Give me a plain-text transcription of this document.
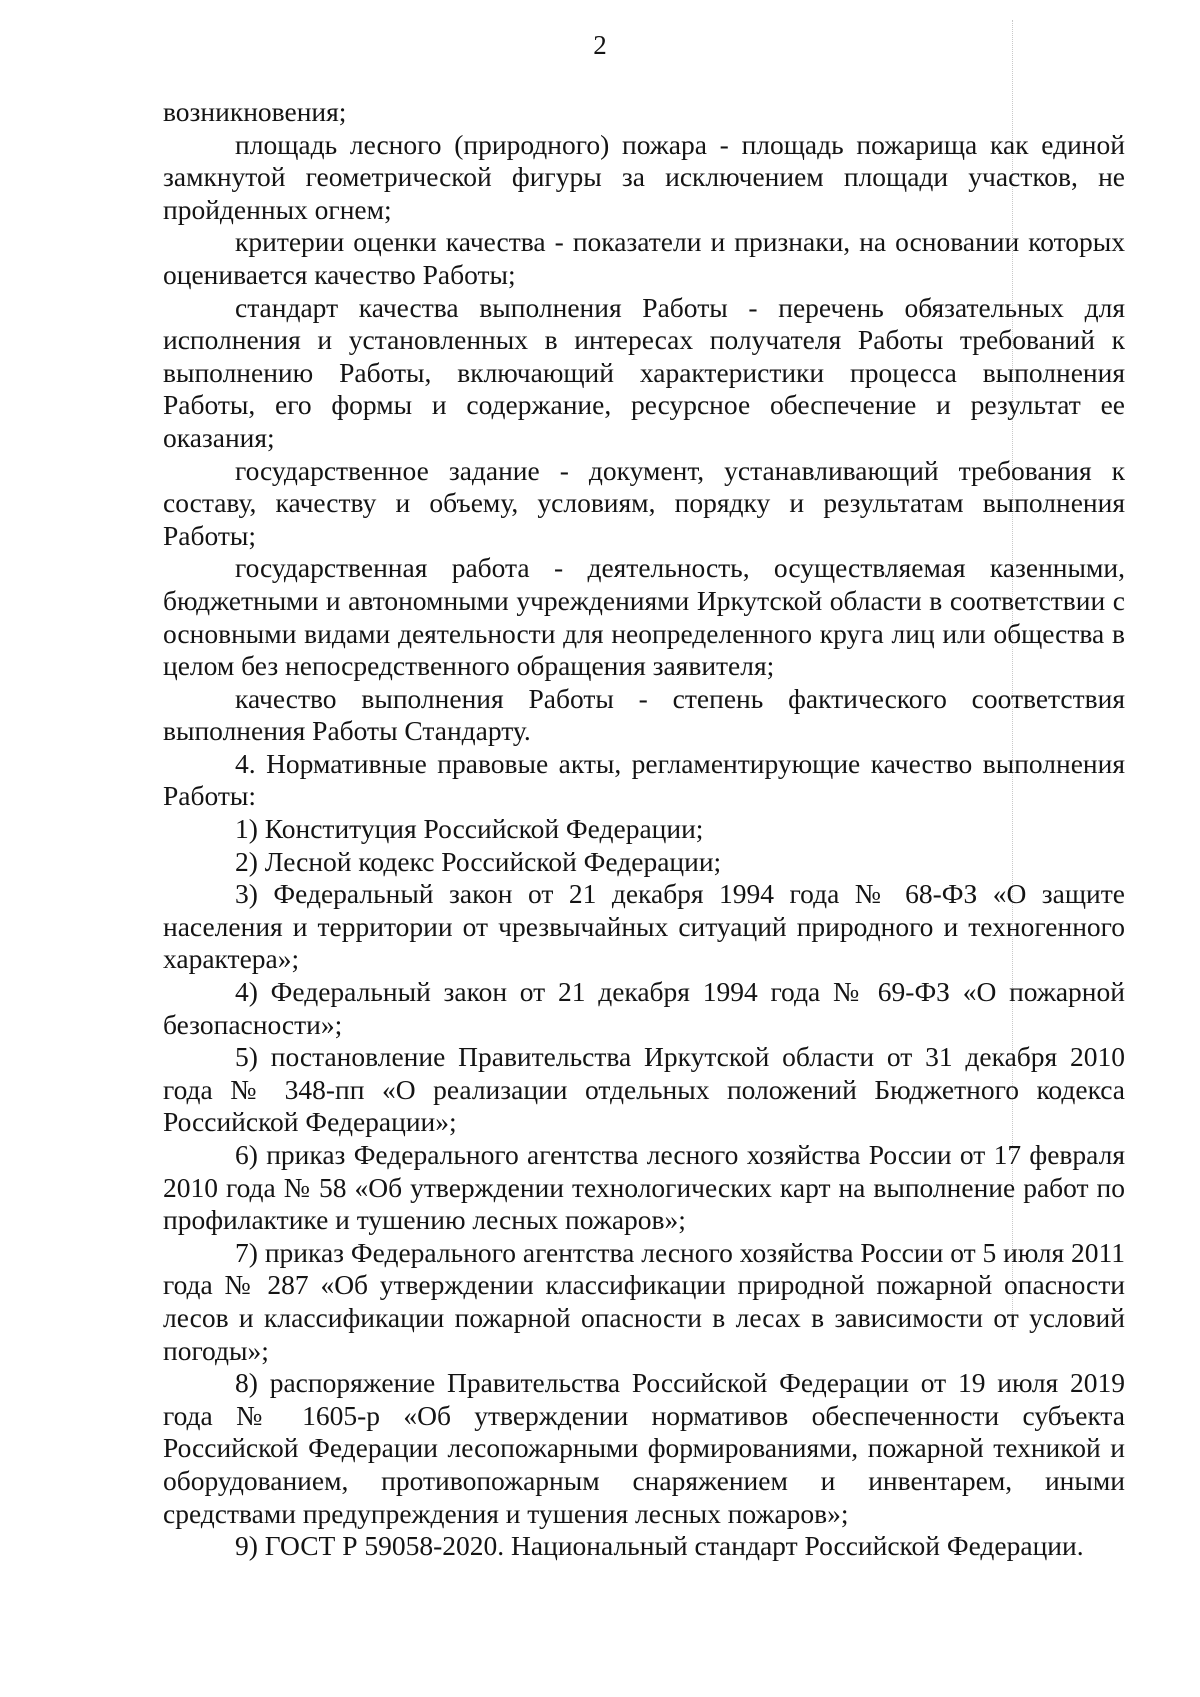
2

возникновения;

площадь лесного (природного) пожара - площадь пожарища как единой замкнутой геометрической фигуры за исключением площади участков, не пройденных огнем;

критерии оценки качества - показатели и признаки, на основании которых оценивается качество Работы;

стандарт качества выполнения Работы - перечень обязательных для исполнения и установленных в интересах получателя Работы требований к выполнению Работы, включающий характеристики процесса выполнения Работы, его формы и содержание, ресурсное обеспечение и результат ее оказания;

государственное задание - документ, устанавливающий требования к составу, качеству и объему, условиям, порядку и результатам выполнения Работы;

государственная работа - деятельность, осуществляемая казенными, бюджетными и автономными учреждениями Иркутской области в соответствии с основными видами деятельности для неопределенного круга лиц или общества в целом без непосредственного обращения заявителя;

качество выполнения Работы - степень фактического соответствия выполнения Работы Стандарту.

4. Нормативные правовые акты, регламентирующие качество выполнения Работы:

1) Конституция Российской Федерации;

2) Лесной кодекс Российской Федерации;

3) Федеральный закон от 21 декабря 1994 года № 68-ФЗ «О защите населения и территории от чрезвычайных ситуаций природного и техногенного характера»;

4) Федеральный закон от 21 декабря 1994 года № 69-ФЗ «О пожарной безопасности»;

5) постановление Правительства Иркутской области от 31 декабря 2010 года № 348-пп «О реализации отдельных положений Бюджетного кодекса Российской Федерации»;

6) приказ Федерального агентства лесного хозяйства России от 17 февраля 2010 года № 58 «Об утверждении технологических карт на выполнение работ по профилактике и тушению лесных пожаров»;

7) приказ Федерального агентства лесного хозяйства России от 5 июля 2011 года № 287 «Об утверждении классификации природной пожарной опасности лесов и классификации пожарной опасности в лесах в зависимости от условий погоды»;

8) распоряжение Правительства Российской Федерации от 19 июля 2019 года № 1605-р «Об утверждении нормативов обеспеченности субъекта Российской Федерации лесопожарными формированиями, пожарной техникой и оборудованием, противопожарным снаряжением и инвентарем, иными средствами предупреждения и тушения лесных пожаров»;

9) ГОСТ Р 59058-2020. Национальный стандарт Российской Федерации.
